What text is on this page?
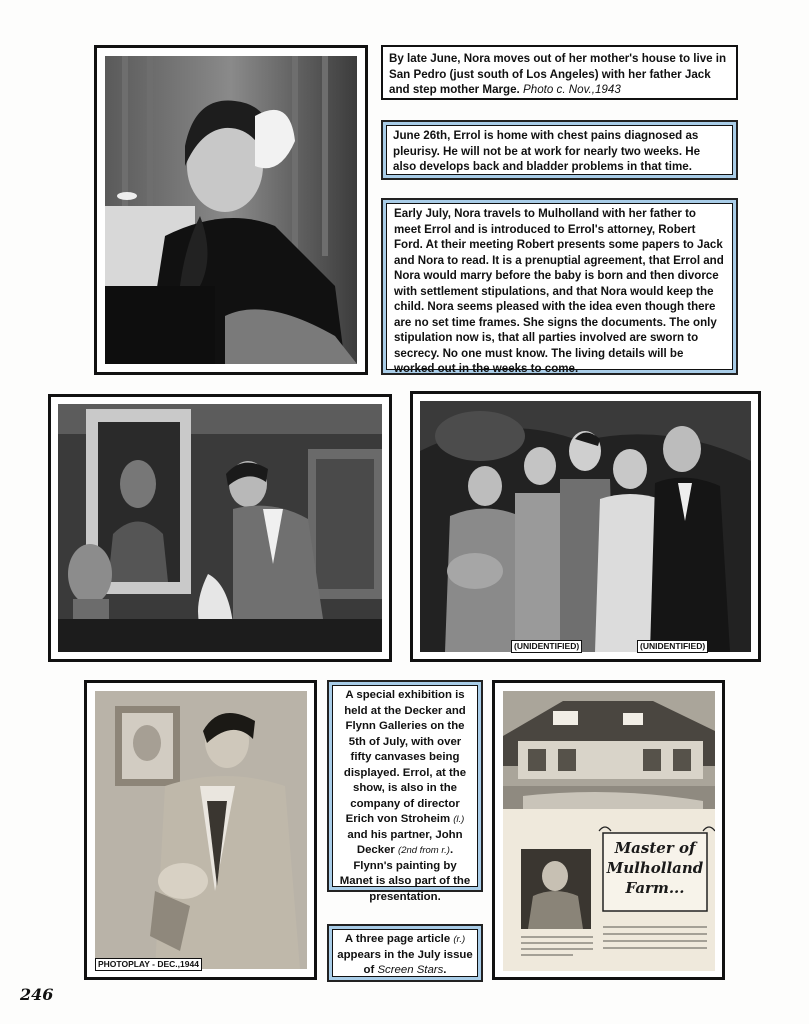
By late June, Nora moves out of her mother's house to live in San Pedro (just south of Los Angeles) with her father Jack and step mother Marge. Photo c. Nov.,1943
June 26th, Errol is home with chest pains diagnosed as pleurisy. He will not be at work for nearly two weeks. He also develops back and bladder problems in that time.
Early July, Nora travels to Mulholland with her father to meet Errol and is introduced to Errol's attorney, Robert Ford. At their meeting Robert presents some papers to Jack and Nora to read. It is a prenuptial agreement, that Errol and Nora would marry before the baby is born and then divorce with settlement stipulations, and that Nora would keep the child. Nora seems pleased with the idea even though there are no set time frames. She signs the documents. The only stipulation now is, that all parties involved are sworn to secrecy. No one must know. The living details will be worked out in the weeks to come.
(UNIDENTIFIED)	(UNIDENTIFIED)
PHOTOPLAY - DEC.,1944
A special exhibition is held at the Decker and Flynn Galleries on the 5th of July, with over fifty canvases being displayed. Errol, at the show, is also in the company of director Erich von Stroheim (l.) and his partner, John Decker (2nd from r.). Flynn's painting by Manet is also part of the presentation.
A three page article (r.) appears in the July issue of Screen Stars.
Master of
Mulholland
Farm...
246
